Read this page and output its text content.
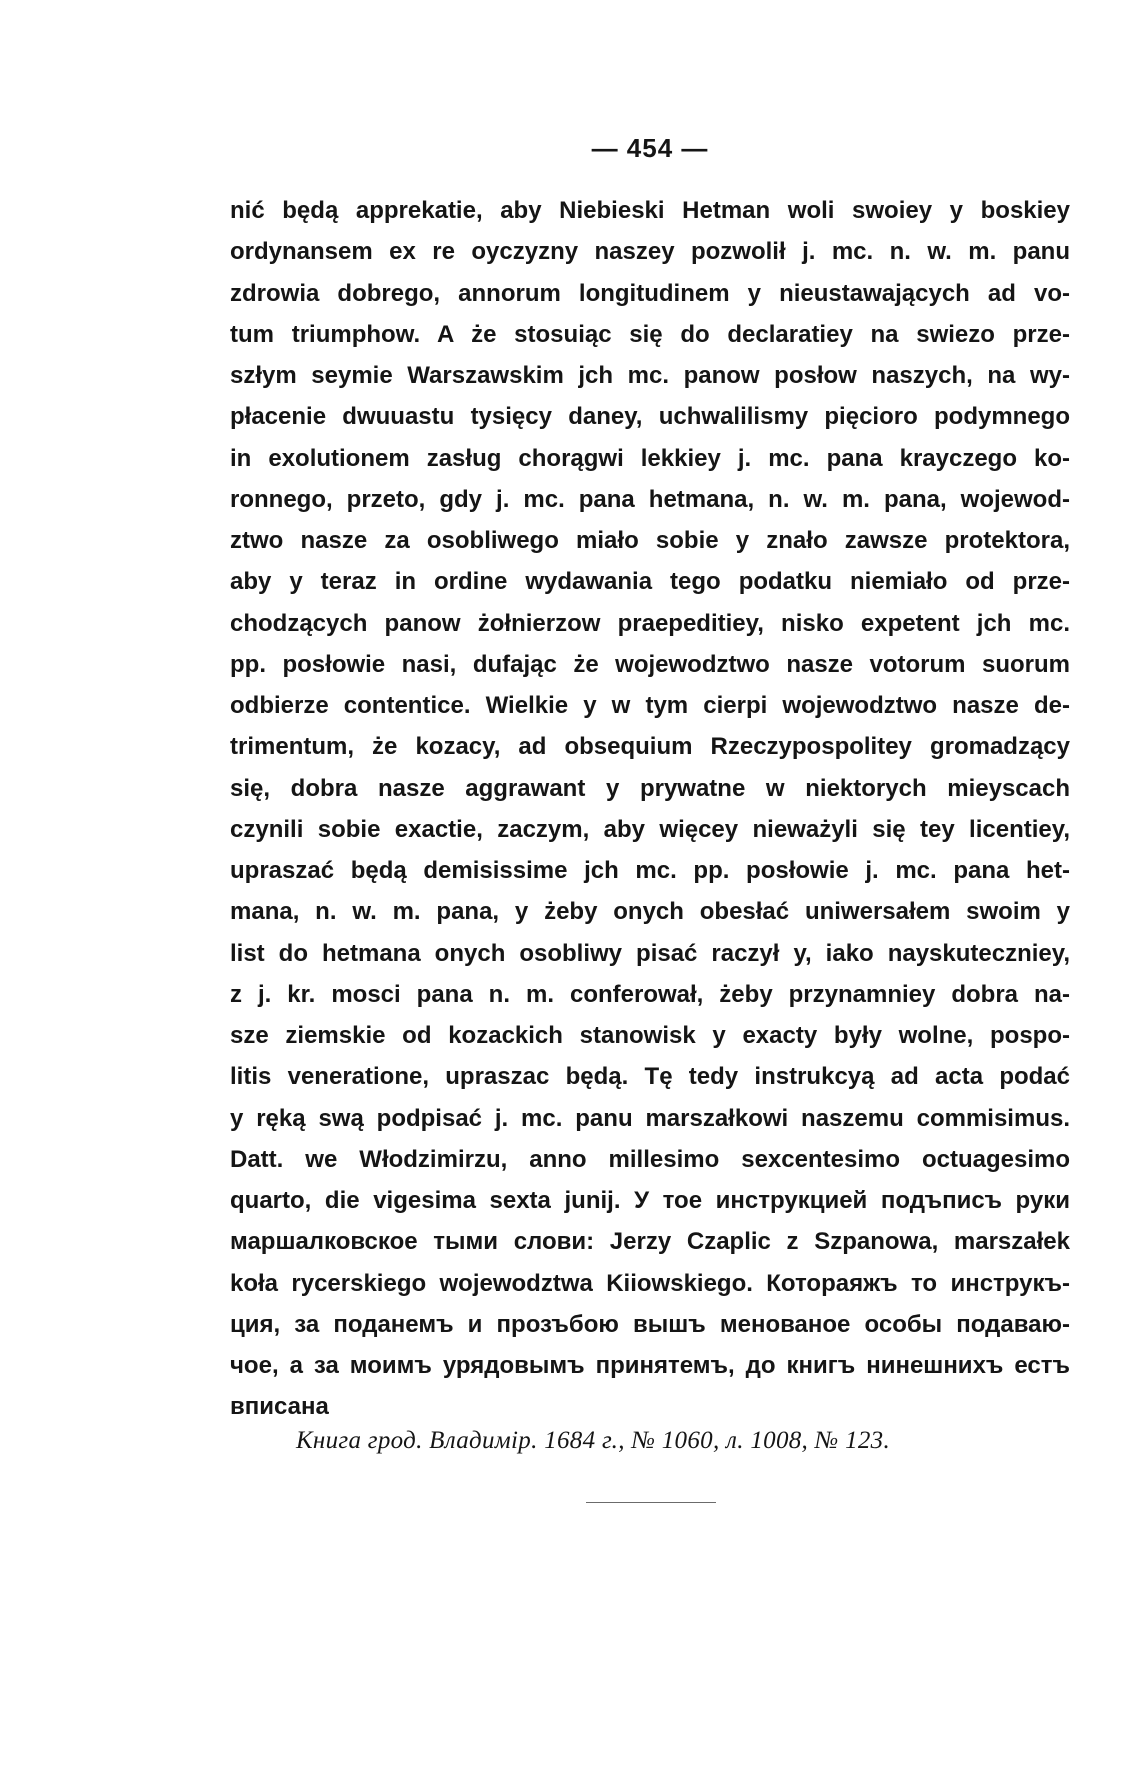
— 454 —
nić będą apprekatie, aby Niebieski Hetman woli swoiey y boskiey
ordynansem ex re oyczyzny naszey pozwolił j. mc. n. w. m. panu
zdrowia dobrego, annorum longitudinem y nieustawających ad vo-
tum triumphow. A że stosuiąc się do declaratiey na swiezo prze-
szłym seymie Warszawskim jch mc. panow posłow naszych, na wy-
płacenie dwuuastu tysięcy daney, uchwalilismy pięcioro podymnego
in exolutionem zasług chorągwi lekkiey j. mc. pana krayczego ko-
ronnego, przeto, gdy j. mc. pana hetmana, n. w. m. pana, wojewod-
ztwo nasze za osobliwego miało sobie y znało zawsze protektora,
aby y teraz in ordine wydawania tego podatku niemiało od prze-
chodzących panow żołnierzow praepeditiey, nisko expetent jch mc.
pp. posłowie nasi, dufając że wojewodztwo nasze votorum suorum
odbierze contentice. Wielkie y w tym cierpi wojewodztwo nasze de-
trimentum, że kozacy, ad obsequium Rzeczypospolitey gromadzący
się, dobra nasze aggrawant y prywatne w niektorych mieyscach
czynili sobie exactie, zaczym, aby więcey nieważyli się tey licentiey,
upraszać będą demisissime jch mc. pp. posłowie j. mc. pana het-
mana, n. w. m. pana, y żeby onych obesłać uniwersałem swoim y
list do hetmana onych osobliwy pisać raczył y, iako nayskuteczniey,
z j. kr. mosci pana n. m. conferował, żeby przynamniey dobra na-
sze ziemskie od kozackich stanowisk y exacty były wolne, pospo-
litis veneratione, upraszac będą. Tę tedy instrukcyą ad acta podać
y ręką swą podpisać j. mc. panu marszałkowi naszemu commisimus.
Datt. we Włodzimirzu, anno millesimo sexcentesimo octuagesimo
quarto, die vigesima sexta junij. У тое инструкцией подъписъ руки
маршалковское тыми слови: Jerzy Czaplic z Szpanowa, marszałek
koła rycerskiego wojewodztwa Kiiowskiego. Котораяжъ то инструкъ-
ция, за поданемъ и прозъбою вышъ менованое особы подаваю-
чое, а за моимъ урядовымъ принятемъ, до книгъ нинешнихъ естъ
вписана
Книга грод. Владимір. 1684 г., № 1060, л. 1008, № 123.
